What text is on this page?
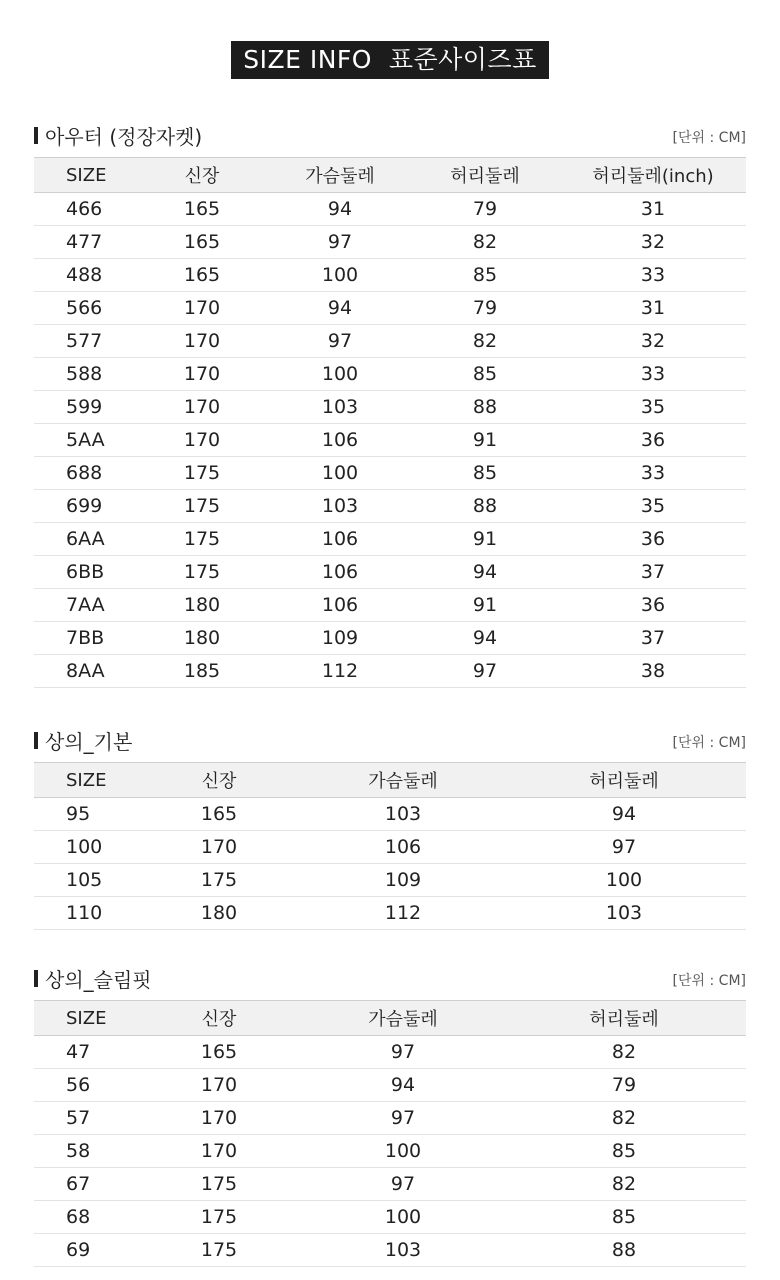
SIZE INFO  표준사이즈표
아우터 (정장자켓)	[단위 : CM]
SIZE	신장	가슴둘레	허리둘레	허리둘레(inch)
466	165	94	79	31
477	165	97	82	32
488	165	100	85	33
566	170	94	79	31
577	170	97	82	32
588	170	100	85	33
599	170	103	88	35
5AA	170	106	91	36
688	175	100	85	33
699	175	103	88	35
6AA	175	106	91	36
6BB	175	106	94	37
7AA	180	106	91	36
7BB	180	109	94	37
8AA	185	112	97	38
상의_기본	[단위 : CM]
SIZE	신장	가슴둘레	허리둘레
95	165	103	94
100	170	106	97
105	175	109	100
110	180	112	103
상의_슬림핏	[단위 : CM]
SIZE	신장	가슴둘레	허리둘레
47	165	97	82
56	170	94	79
57	170	97	82
58	170	100	85
67	175	97	82
68	175	100	85
69	175	103	88
